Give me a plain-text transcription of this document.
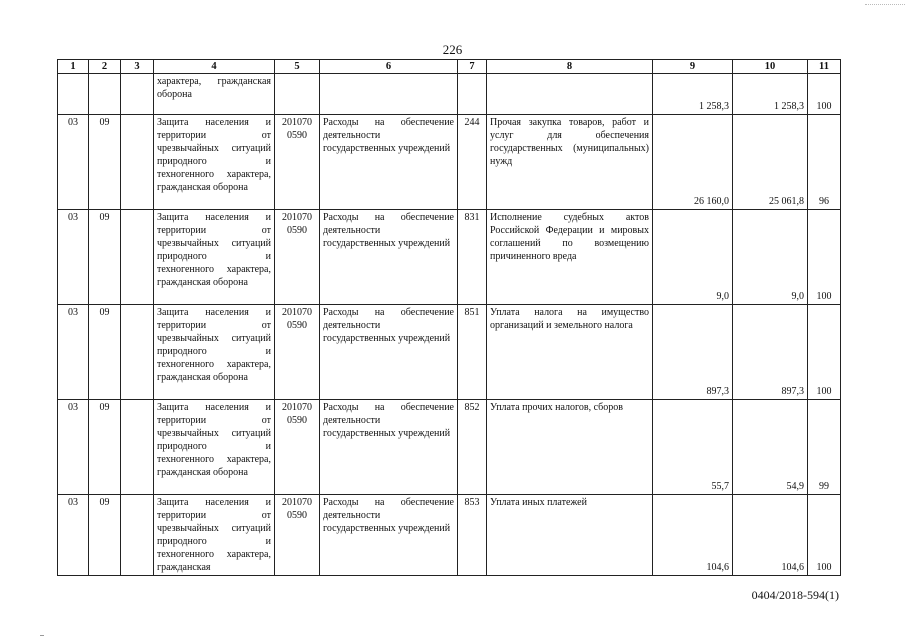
226
1	2	3	4	5	6	7	8	9	10	11
			характера, гражданская оборона					1 258,3	1 258,3	100
03	09		Защита населения и территории от чрезвычайных ситуаций природного и техногенного характера, гражданская оборона	201070 0590	Расходы на обеспечение деятельности государственных учреждений	244	Прочая закупка товаров, работ и услуг для обеспечения государственных (муниципальных) нужд	26 160,0	25 061,8	96
03	09		Защита населения и территории от чрезвычайных ситуаций природного и техногенного характера, гражданская оборона	201070 0590	Расходы на обеспечение деятельности государственных учреждений	831	Исполнение судебных актов Российской Федерации и мировых соглашений по возмещению причиненного вреда	9,0	9,0	100
03	09		Защита населения и территории от чрезвычайных ситуаций природного и техногенного характера, гражданская оборона	201070 0590	Расходы на обеспечение деятельности государственных учреждений	851	Уплата налога на имущество организаций и земельного налога	897,3	897,3	100
03	09		Защита населения и территории от чрезвычайных ситуаций природного и техногенного характера, гражданская оборона	201070 0590	Расходы на обеспечение деятельности государственных учреждений	852	Уплата прочих налогов, сборов	55,7	54,9	99
03	09		Защита населения и территории от чрезвычайных ситуаций природного и техногенного характера, гражданская	201070 0590	Расходы на обеспечение деятельности государственных учреждений	853	Уплата иных платежей	104,6	104,6	100
0404/2018-594(1)
